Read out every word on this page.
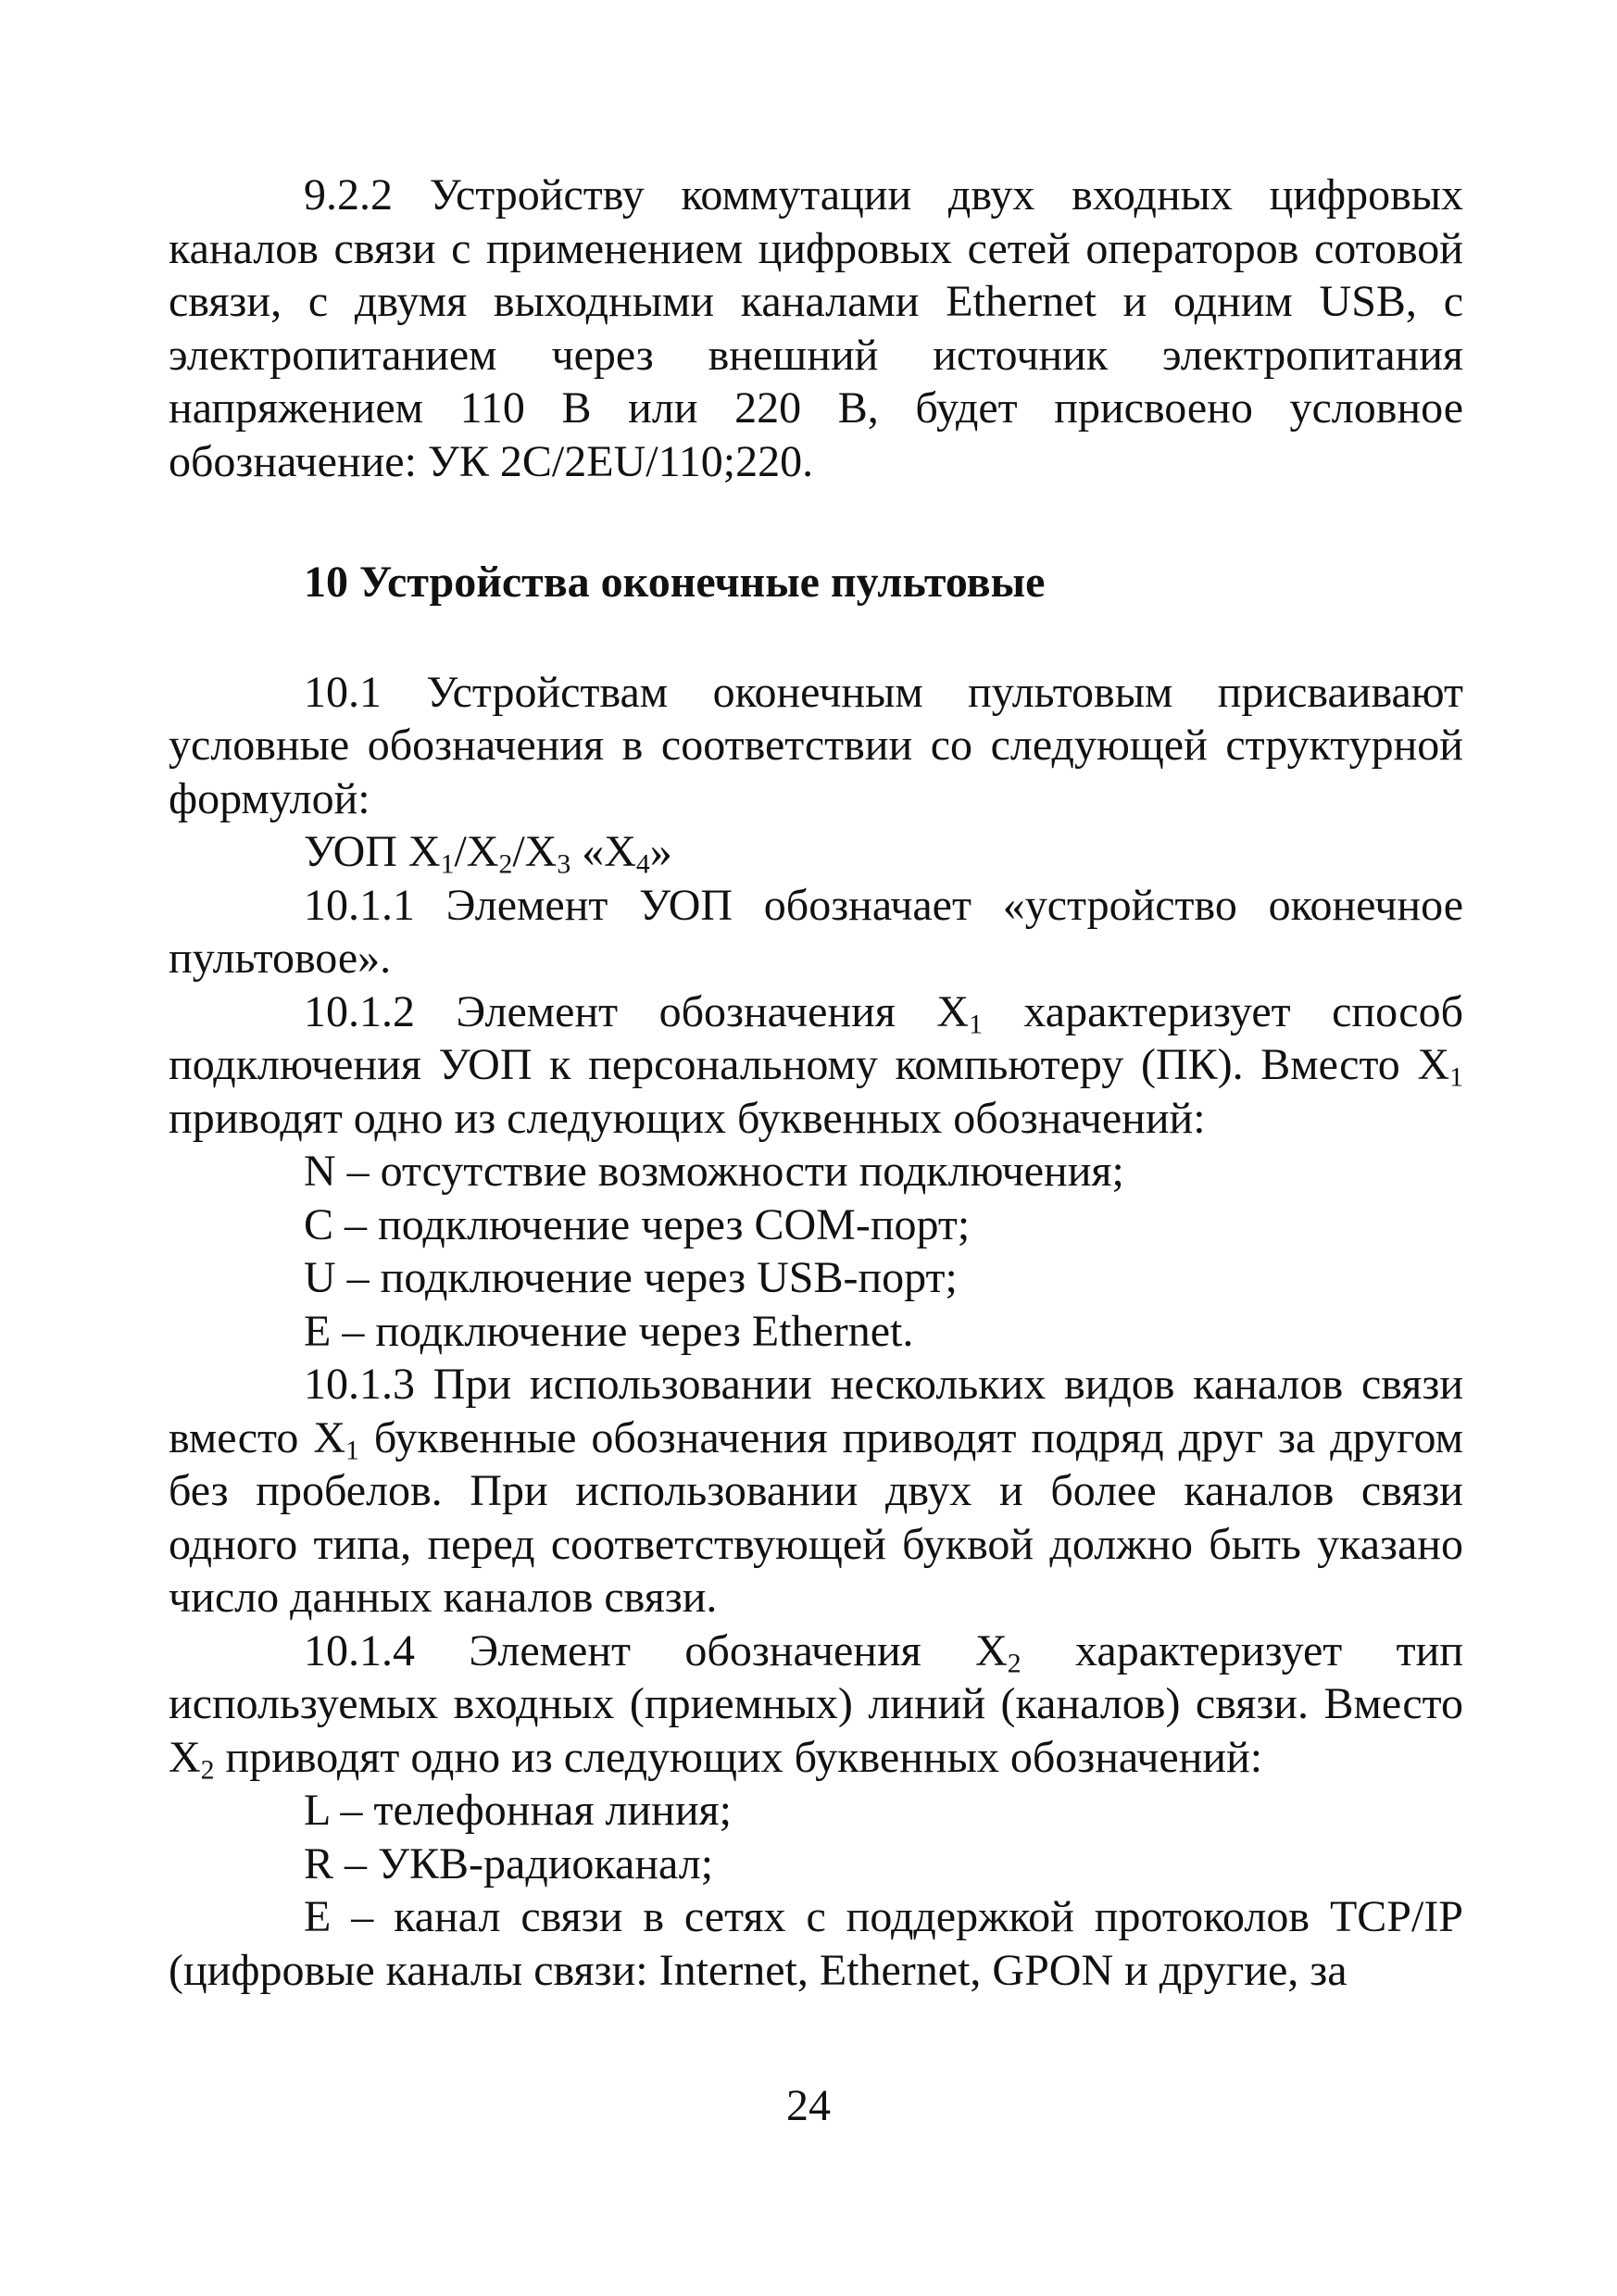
9.2.2 Устройству коммутации двух входных цифровых каналов связи с применением цифровых сетей операторов сотовой связи, с двумя выходными каналами Ethernet и одним USB, с электропитанием через внешний источник электропитания напряжением 110 В или 220 В, будет присвоено условное обозначение: УК 2С/2EU/110;220.

10 Устройства оконечные пультовые

10.1 Устройствам оконечным пультовым присваивают условные обозначения в соответствии со следующей структурной формулой:

УОП $X_1/X_2/X_3$ «$X_4$»

10.1.1 Элемент УОП обозначает «устройство оконечное пультовое».

10.1.2 Элемент обозначения $X_1$ характеризует способ подключения УОП к персональному компьютеру (ПК). Вместо $X_1$ приводят одно из следующих буквенных обозначений:

N – отсутствие возможности подключения;

C – подключение через COM-порт;

U – подключение через USB-порт;

E – подключение через Ethernet.

10.1.3 При использовании нескольких видов каналов связи вместо $X_1$ буквенные обозначения приводят подряд друг за другом без пробелов. При использовании двух и более каналов связи одного типа, перед соответствующей буквой должно быть указано число данных каналов связи.

10.1.4 Элемент обозначения $X_2$ характеризует тип используемых входных (приемных) линий (каналов) связи. Вместо $X_2$ приводят одно из следующих буквенных обозначений:

L – телефонная линия;

R – УКВ-радиоканал;

E – канал связи в сетях с поддержкой протоколов TCP/IP (цифровые каналы связи: Internet, Ethernet, GPON и другие, за

24
